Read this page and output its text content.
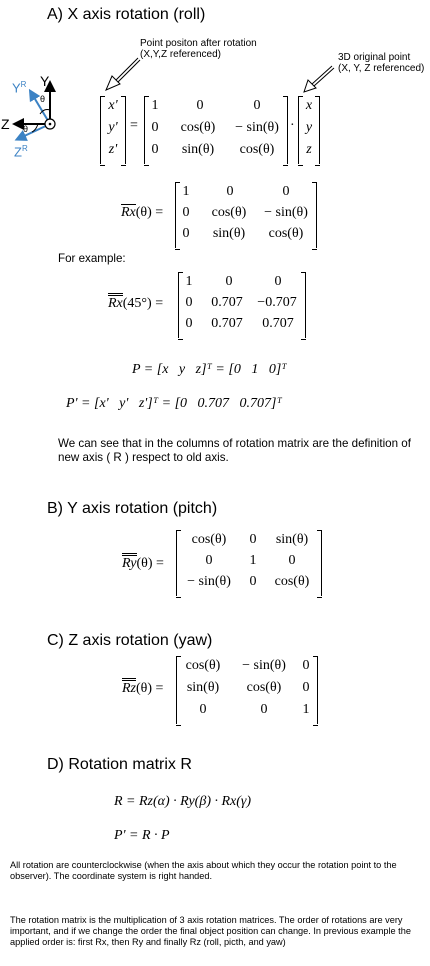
A) X axis rotation (roll)
Point positon after rotation
(X,Y,Z referenced)	3D original point
(X, Y, Z referenced)
Y
$Y^R$
Z
$Z^R$
θ
θ
x'
y'
z'
=
1	0	0
0	cos(θ)	− sin(θ)
0	sin(θ)	cos(θ)
·
x
y
z
Rx(θ) =
1	0	0
0	cos(θ)	− sin(θ)
0	sin(θ)	cos(θ)
For example:
Rx(45°) =
1	0	0
0	0.707	−0.707
0	0.707	0.707
P = [x   y   z]ᵀ = [0   1   0]ᵀ
P' = [x'   y'   z']ᵀ = [0   0.707   0.707]ᵀ
We can see that in the columns of rotation matrix are the definition of new axis ( R ) respect to old axis.
B) Y axis rotation (pitch)
Ry(θ) =
cos(θ)	0	sin(θ)
0	1	0
− sin(θ)	0	cos(θ)
C) Z axis rotation (yaw)
Rz(θ) =
cos(θ)	− sin(θ)	0
sin(θ)	cos(θ)	0
0	0	1
D) Rotation matrix R
R = Rz(α) · Ry(β) · Rx(γ)
P' = R · P
All rotation are counterclockwise (when the axis about which they occur the rotation point to the observer). The coordinate system is right handed.
The rotation matrix is the multiplication of 3 axis rotation matrices. The order of rotations are very important, and if we change the order the final object position can change. In previous example the applied order is: first Rx, then Ry and finally Rz (roll, picth, and yaw)
